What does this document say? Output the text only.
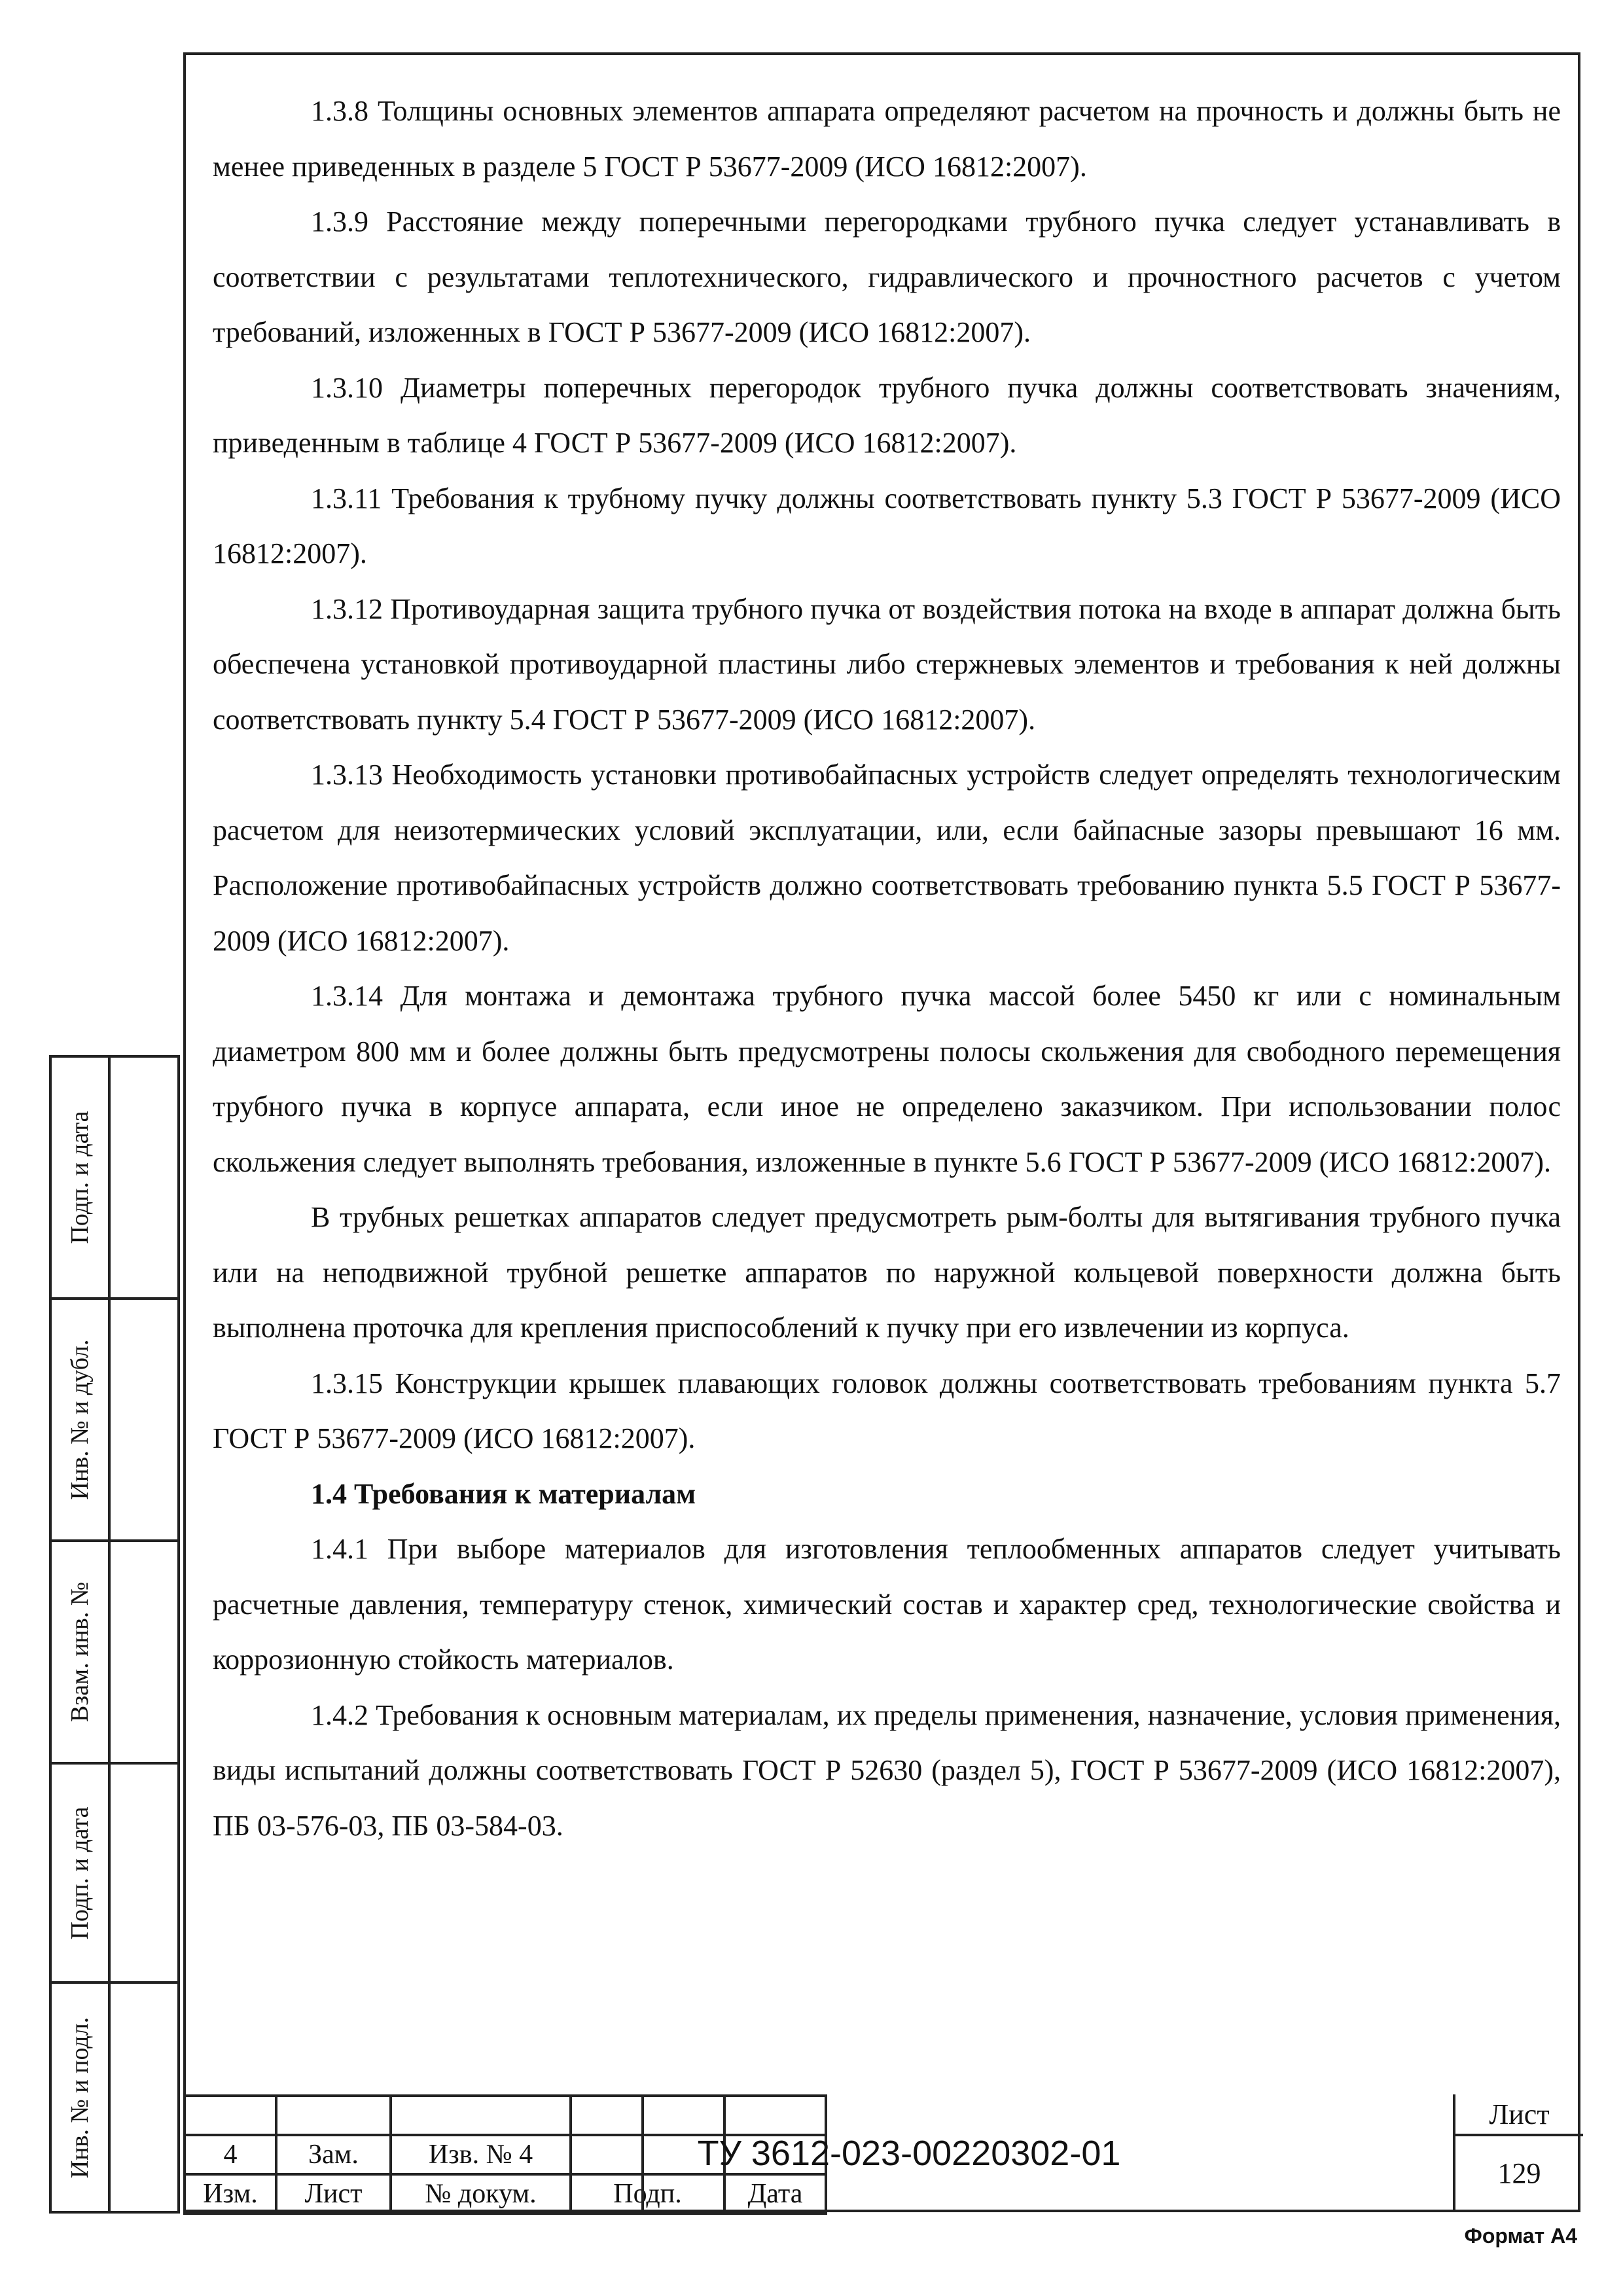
1.3.8 Толщины основных элементов аппарата определяют расчетом на прочность и должны быть не менее приведенных в разделе 5 ГОСТ Р 53677-2009 (ИСО 16812:2007).

1.3.9 Расстояние между поперечными перегородками трубного пучка следует устанавливать в соответствии с результатами теплотехнического, гидравлического и прочностного расчетов с учетом требований, изложенных в ГОСТ Р 53677-2009 (ИСО 16812:2007).

1.3.10 Диаметры поперечных перегородок трубного пучка должны соответствовать значениям, приведенным в таблице 4 ГОСТ Р 53677-2009 (ИСО 16812:2007).

1.3.11 Требования к трубному пучку должны соответствовать пункту 5.3 ГОСТ Р 53677-2009 (ИСО 16812:2007).

1.3.12 Противоударная защита трубного пучка от воздействия потока на входе в аппарат должна быть обеспечена установкой противоударной пластины либо стержневых элементов и требования к ней должны соответствовать пункту 5.4 ГОСТ Р 53677-2009 (ИСО 16812:2007).

1.3.13 Необходимость установки противобайпасных устройств следует определять технологическим расчетом для неизотермических условий эксплуатации, или, если байпасные зазоры превышают 16 мм. Расположение противобайпасных устройств должно соответствовать требованию пункта 5.5 ГОСТ Р 53677-2009 (ИСО 16812:2007).

1.3.14 Для монтажа и демонтажа трубного пучка массой более 5450 кг или с номинальным диаметром 800 мм и более должны быть предусмотрены полосы скольжения для свободного перемещения трубного пучка в корпусе аппарата, если иное не определено заказчиком. При использовании полос скольжения следует выполнять требования, изложенные в пункте 5.6 ГОСТ Р 53677-2009 (ИСО 16812:2007).

В трубных решетках аппаратов следует предусмотреть рым-болты для вытягивания трубного пучка или на неподвижной трубной решетке аппаратов по наружной кольцевой поверхности должна быть выполнена проточка для крепления приспособлений к пучку при его извлечении из корпуса.

1.3.15 Конструкции крышек плавающих головок должны соответствовать требованиям пункта 5.7 ГОСТ Р 53677-2009 (ИСО 16812:2007).

1.4 Требования к материалам

1.4.1 При выборе материалов для изготовления теплообменных аппаратов следует учитывать расчетные давления, температуру стенок, химический состав и характер сред, технологические свойства и коррозионную стойкость материалов.

1.4.2 Требования к основным материалам, их пределы применения, назначение, условия применения, виды испытаний должны соответствовать ГОСТ Р 52630 (раздел 5), ГОСТ Р 53677-2009 (ИСО 16812:2007), ПБ 03-576-03, ПБ 03-584-03.

Подп. и дата
Инв. № и дубл.
Взам. инв. №
Подп. и дата
Инв. № и подл.
					4	Зам.	Изв. № 4		
Изм.	Лист	№ докум.	Подп.	Дата
ТУ 3612-023-00220302-01
Лист
129
Формат А4
